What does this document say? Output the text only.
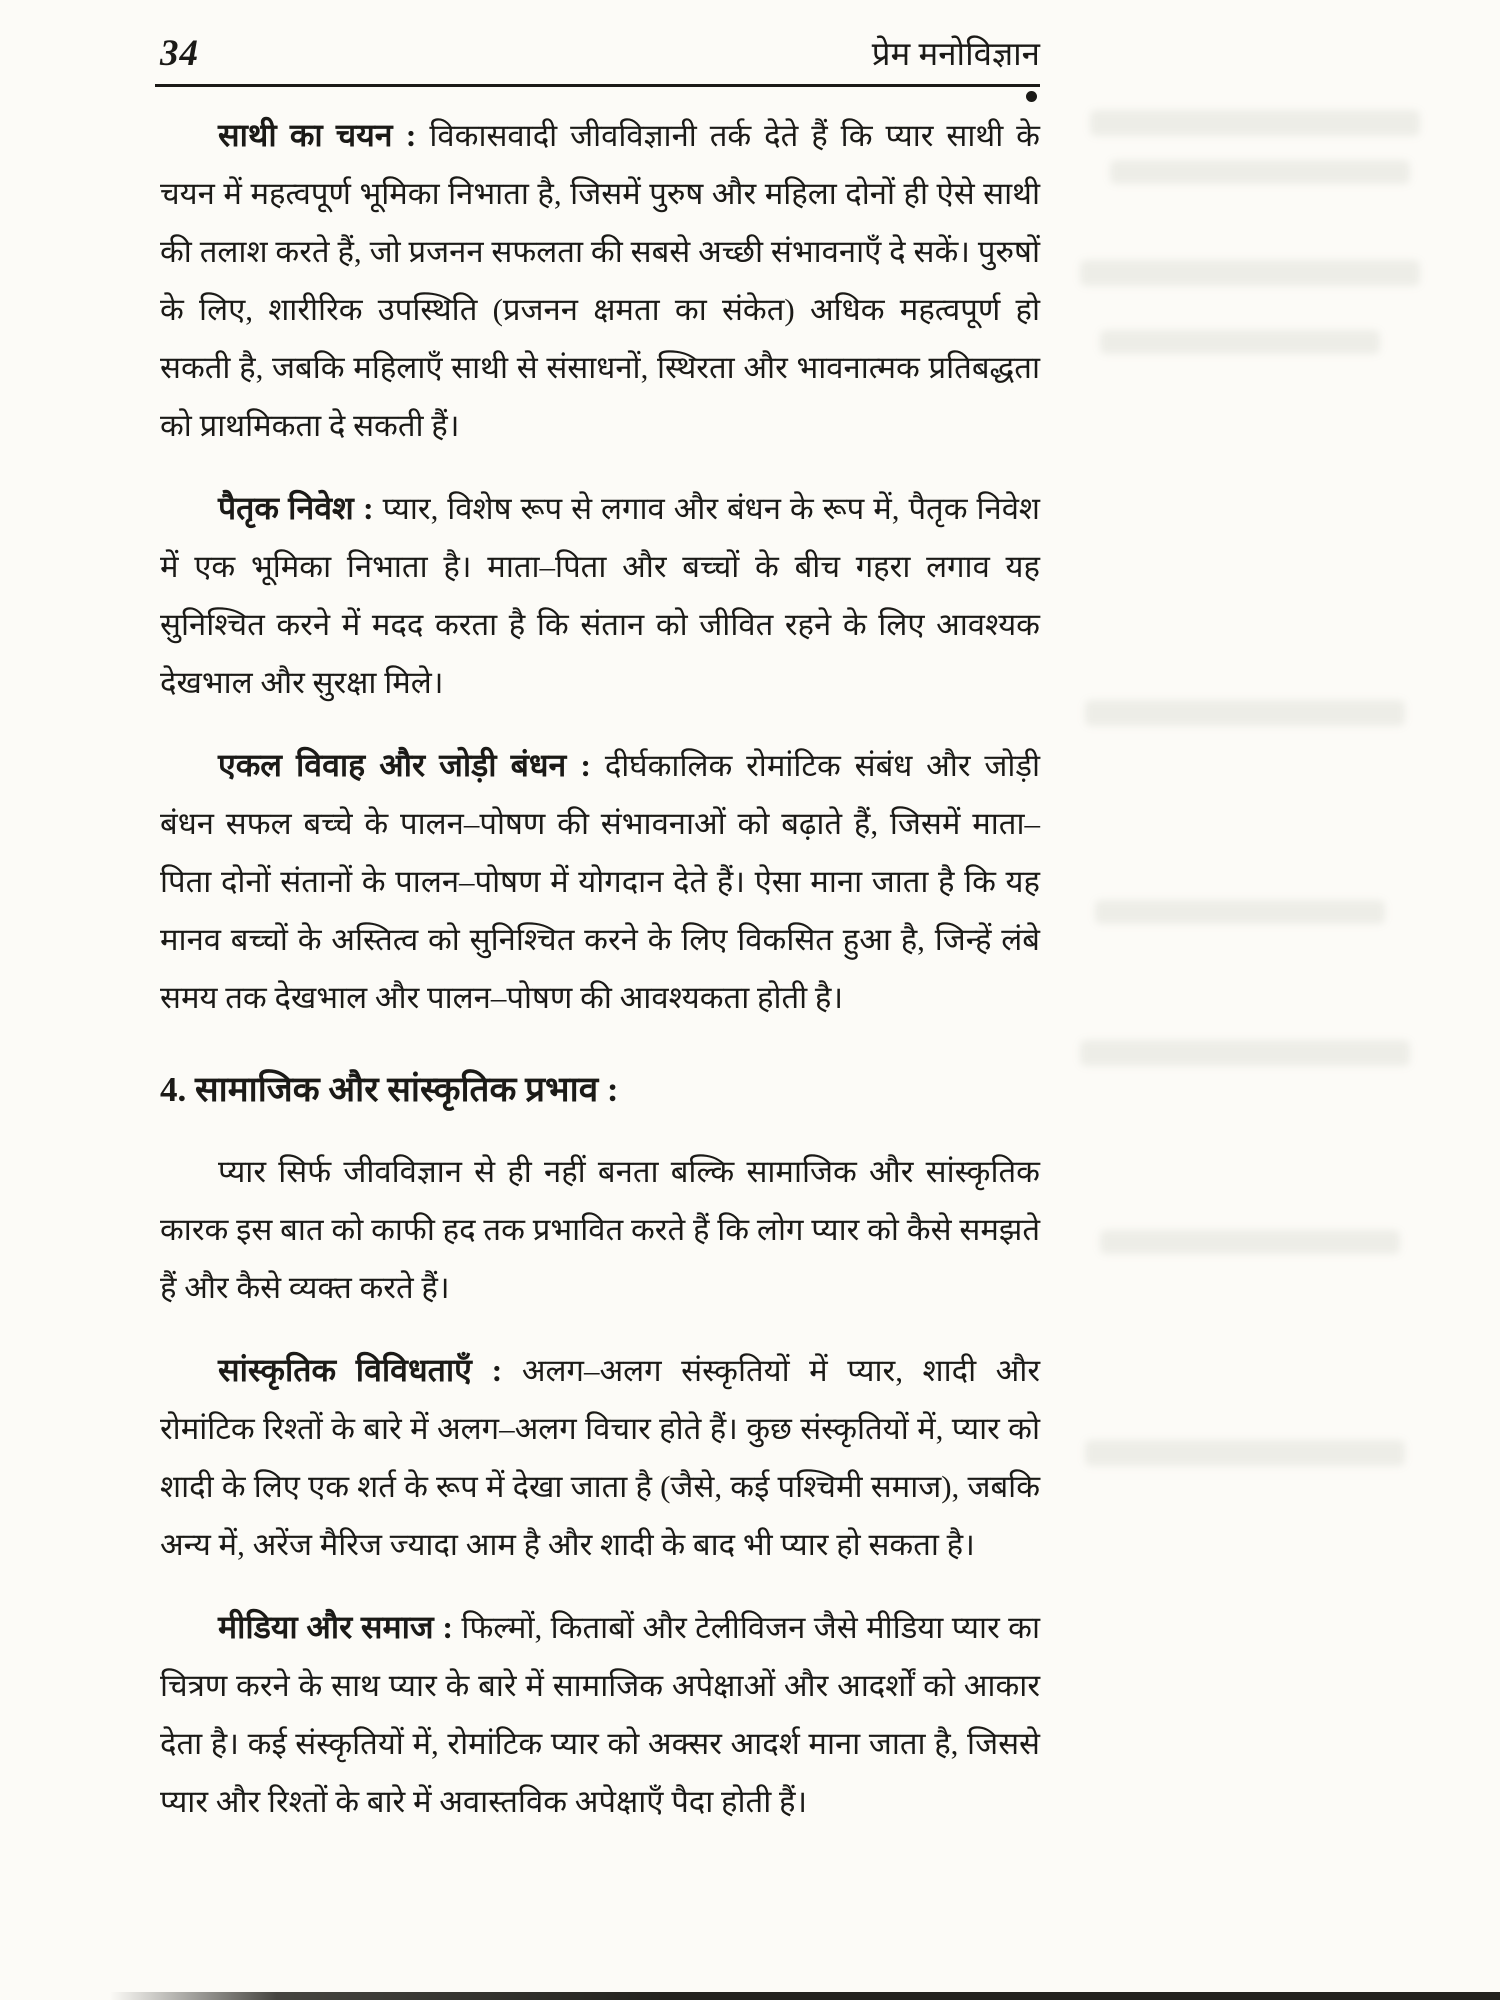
34	प्रेम मनोविज्ञान

साथी का चयन : विकासवादी जीवविज्ञानी तर्क देते हैं कि प्यार साथी के चयन में महत्वपूर्ण भूमिका निभाता है, जिसमें पुरुष और महिला दोनों ही ऐसे साथी की तलाश करते हैं, जो प्रजनन सफलता की सबसे अच्छी संभावनाएँ दे सकें। पुरुषों के लिए, शारीरिक उपस्थिति (प्रजनन क्षमता का संकेत) अधिक महत्वपूर्ण हो सकती है, जबकि महिलाएँ साथी से संसाधनों, स्थिरता और भावनात्मक प्रतिबद्धता को प्राथमिकता दे सकती हैं।

पैतृक निवेश : प्यार, विशेष रूप से लगाव और बंधन के रूप में, पैतृक निवेश में एक भूमिका निभाता है। माता–पिता और बच्चों के बीच गहरा लगाव यह सुनिश्चित करने में मदद करता है कि संतान को जीवित रहने के लिए आवश्यक देखभाल और सुरक्षा मिले।

एकल विवाह और जोड़ी बंधन : दीर्घकालिक रोमांटिक संबंध और जोड़ी बंधन सफल बच्चे के पालन–पोषण की संभावनाओं को बढ़ाते हैं, जिसमें माता–पिता दोनों संतानों के पालन–पोषण में योगदान देते हैं। ऐसा माना जाता है कि यह मानव बच्चों के अस्तित्व को सुनिश्चित करने के लिए विकसित हुआ है, जिन्हें लंबे समय तक देखभाल और पालन–पोषण की आवश्यकता होती है।

4. सामाजिक और सांस्कृतिक प्रभाव :

प्यार सिर्फ जीवविज्ञान से ही नहीं बनता बल्कि सामाजिक और सांस्कृतिक कारक इस बात को काफी हद तक प्रभावित करते हैं कि लोग प्यार को कैसे समझते हैं और कैसे व्यक्त करते हैं।

सांस्कृतिक विविधताएँ : अलग–अलग संस्कृतियों में प्यार, शादी और रोमांटिक रिश्तों के बारे में अलग–अलग विचार होते हैं। कुछ संस्कृतियों में, प्यार को शादी के लिए एक शर्त के रूप में देखा जाता है (जैसे, कई पश्चिमी समाज), जबकि अन्य में, अरेंज मैरिज ज्यादा आम है और शादी के बाद भी प्यार हो सकता है।

मीडिया और समाज : फिल्मों, किताबों और टेलीविजन जैसे मीडिया प्यार का चित्रण करने के साथ प्यार के बारे में सामाजिक अपेक्षाओं और आदर्शों को आकार देता है। कई संस्कृतियों में, रोमांटिक प्यार को अक्सर आदर्श माना जाता है, जिससे प्यार और रिश्तों के बारे में अवास्तविक अपेक्षाएँ पैदा होती हैं।
